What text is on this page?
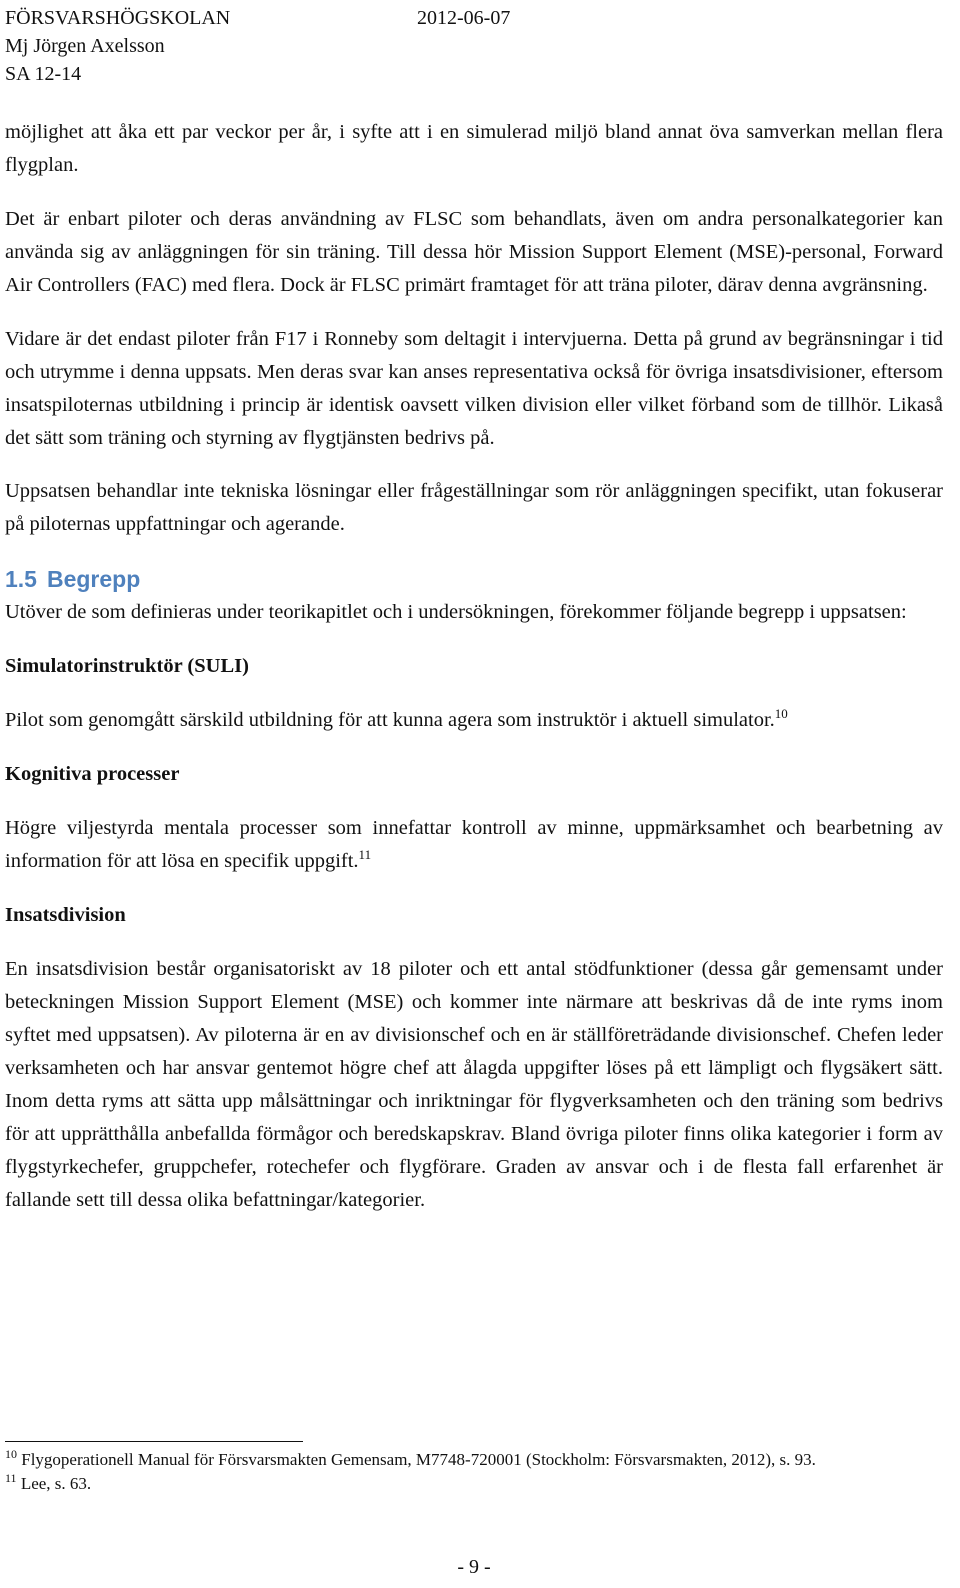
FÖRSVARSHÖGSKOLAN	2012-06-07
Mj Jörgen Axelsson
SA 12-14

möjlighet att åka ett par veckor per år, i syfte att i en simulerad miljö bland annat öva samverkan mellan flera flygplan.

Det är enbart piloter och deras användning av FLSC som behandlats, även om andra personalkategorier kan använda sig av anläggningen för sin träning. Till dessa hör Mission Support Element (MSE)-personal, Forward Air Controllers (FAC) med flera. Dock är FLSC primärt framtaget för att träna piloter, därav denna avgränsning.

Vidare är det endast piloter från F17 i Ronneby som deltagit i intervjuerna. Detta på grund av begränsningar i tid och utrymme i denna uppsats. Men deras svar kan anses representativa också för övriga insatsdivisioner, eftersom insatspiloternas utbildning i princip är identisk oavsett vilken division eller vilket förband som de tillhör. Likaså det sätt som träning och styrning av flygtjänsten bedrivs på.

Uppsatsen behandlar inte tekniska lösningar eller frågeställningar som rör anläggningen specifikt, utan fokuserar på piloternas uppfattningar och agerande.

1.5 Begrepp

Utöver de som definieras under teorikapitlet och i undersökningen, förekommer följande begrepp i uppsatsen:

Simulatorinstruktör (SULI)

Pilot som genomgått särskild utbildning för att kunna agera som instruktör i aktuell simulator.$^{10}$

Kognitiva processer

Högre viljestyrda mentala processer som innefattar kontroll av minne, uppmärksamhet och bearbetning av information för att lösa en specifik uppgift.$^{11}$

Insatsdivision

En insatsdivision består organisatoriskt av 18 piloter och ett antal stödfunktioner (dessa går gemensamt under beteckningen Mission Support Element (MSE) och kommer inte närmare att beskrivas då de inte ryms inom syftet med uppsatsen). Av piloterna är en av divisionschef och en är ställföreträdande divisionschef. Chefen leder verksamheten och har ansvar gentemot högre chef att ålagda uppgifter löses på ett lämpligt och flygsäkert sätt. Inom detta ryms att sätta upp målsättningar och inriktningar för flygverksamheten och den träning som bedrivs för att upprätthålla anbefallda förmågor och beredskapskrav. Bland övriga piloter finns olika kategorier i form av flygstyrkechefer, gruppchefer, rotechefer och flygförare. Graden av ansvar och i de flesta fall erfarenhet är fallande sett till dessa olika befattningar/kategorier.

$^{10}$ Flygoperationell Manual för Försvarsmakten Gemensam, M7748-720001 (Stockholm: Försvarsmakten, 2012), s. 93.

$^{11}$ Lee, s. 63.

- 9 -
